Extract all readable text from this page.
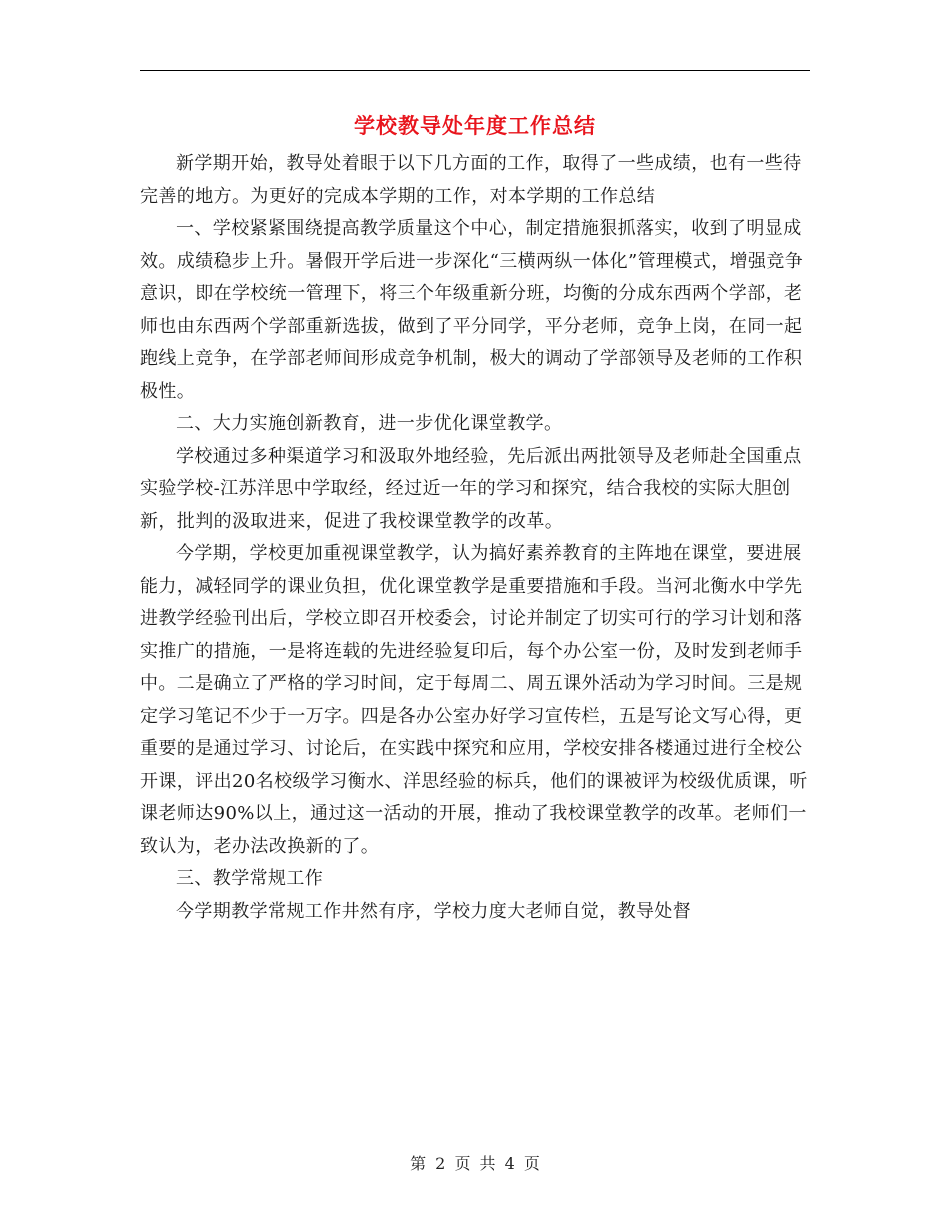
学校教导处年度工作总结

新学期开始，教导处着眼于以下几方面的工作，取得了一些成绩，也有一些待完善的地方。为更好的完成本学期的工作，对本学期的工作总结

一、学校紧紧围绕提高教学质量这个中心，制定措施狠抓落实，收到了明显成效。成绩稳步上升。暑假开学后进一步深化“三横两纵一体化”管理模式，增强竞争意识，即在学校统一管理下，将三个年级重新分班，均衡的分成东西两个学部，老师也由东西两个学部重新选拔，做到了平分同学，平分老师，竞争上岗，在同一起跑线上竞争，在学部老师间形成竞争机制，极大的调动了学部领导及老师的工作积极性。

二、大力实施创新教育，进一步优化课堂教学。

学校通过多种渠道学习和汲取外地经验，先后派出两批领导及老师赴全国重点实验学校-江苏洋思中学取经，经过近一年的学习和探究，结合我校的实际大胆创新，批判的汲取进来，促进了我校课堂教学的改革。

今学期，学校更加重视课堂教学，认为搞好素养教育的主阵地在课堂，要进展能力，减轻同学的课业负担，优化课堂教学是重要措施和手段。当河北衡水中学先进教学经验刊出后，学校立即召开校委会，讨论并制定了切实可行的学习计划和落实推广的措施，一是将连载的先进经验复印后，每个办公室一份，及时发到老师手中。二是确立了严格的学习时间，定于每周二、周五课外活动为学习时间。三是规定学习笔记不少于一万字。四是各办公室办好学习宣传栏，五是写论文写心得，更重要的是通过学习、讨论后，在实践中探究和应用，学校安排各楼通过进行全校公开课，评出20名校级学习衡水、洋思经验的标兵，他们的课被评为校级优质课，听课老师达90%以上，通过这一活动的开展，推动了我校课堂教学的改革。老师们一致认为，老办法改换新的了。

三、教学常规工作

今学期教学常规工作井然有序，学校力度大老师自觉，教导处督

第 2 页 共 4 页
